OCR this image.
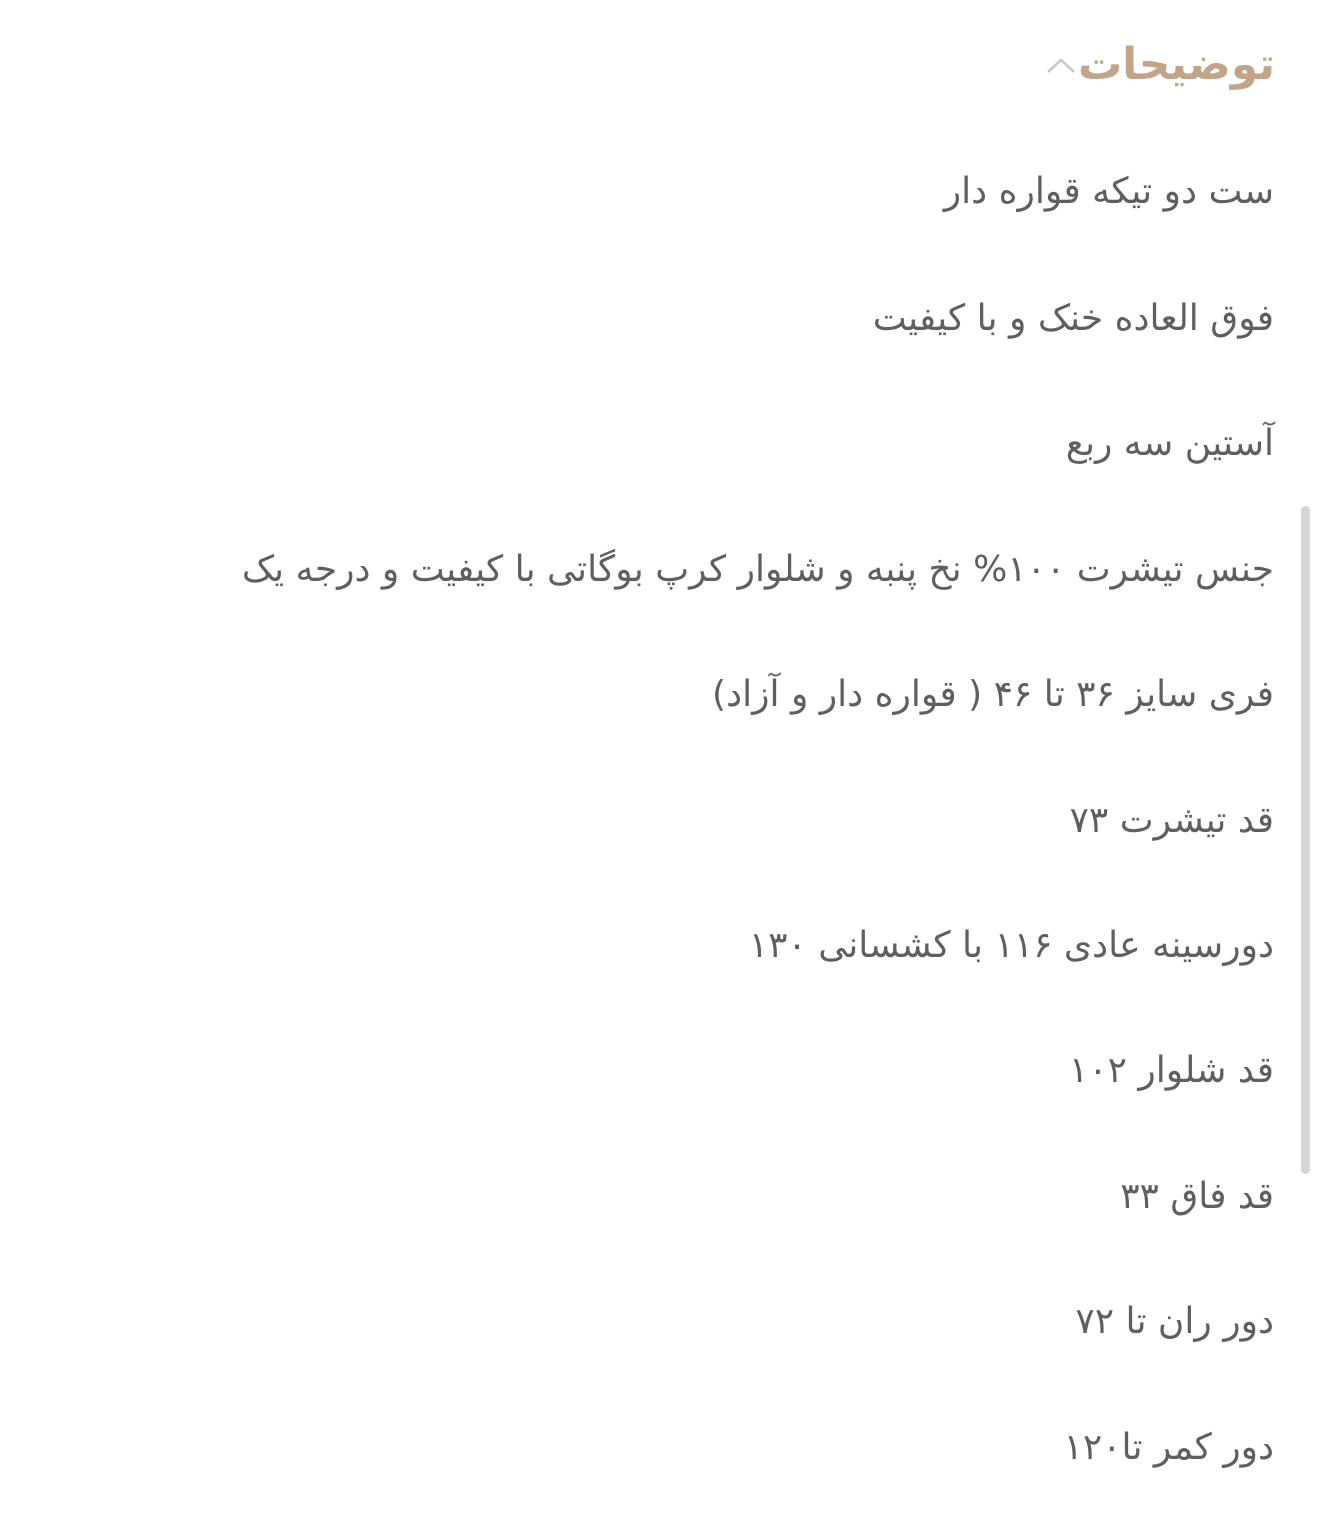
توضیحات
ست دو تیکه قواره دار
فوق العاده خنک و با کیفیت
آستین سه ربع
جنس تیشرت ۱۰۰% نخ پنبه و شلوار کرپ بوگاتی با کیفیت و درجه یک
فری سایز ۳۶ تا ۴۶ ( قواره دار و آزاد)
قد تیشرت ۷۳
دورسینه عادی ۱۱۶ با کشسانی ۱۳۰
قد شلوار ۱۰۲
قد فاق ۳۳
دور ران تا ۷۲
دور کمر تا۱۲۰
